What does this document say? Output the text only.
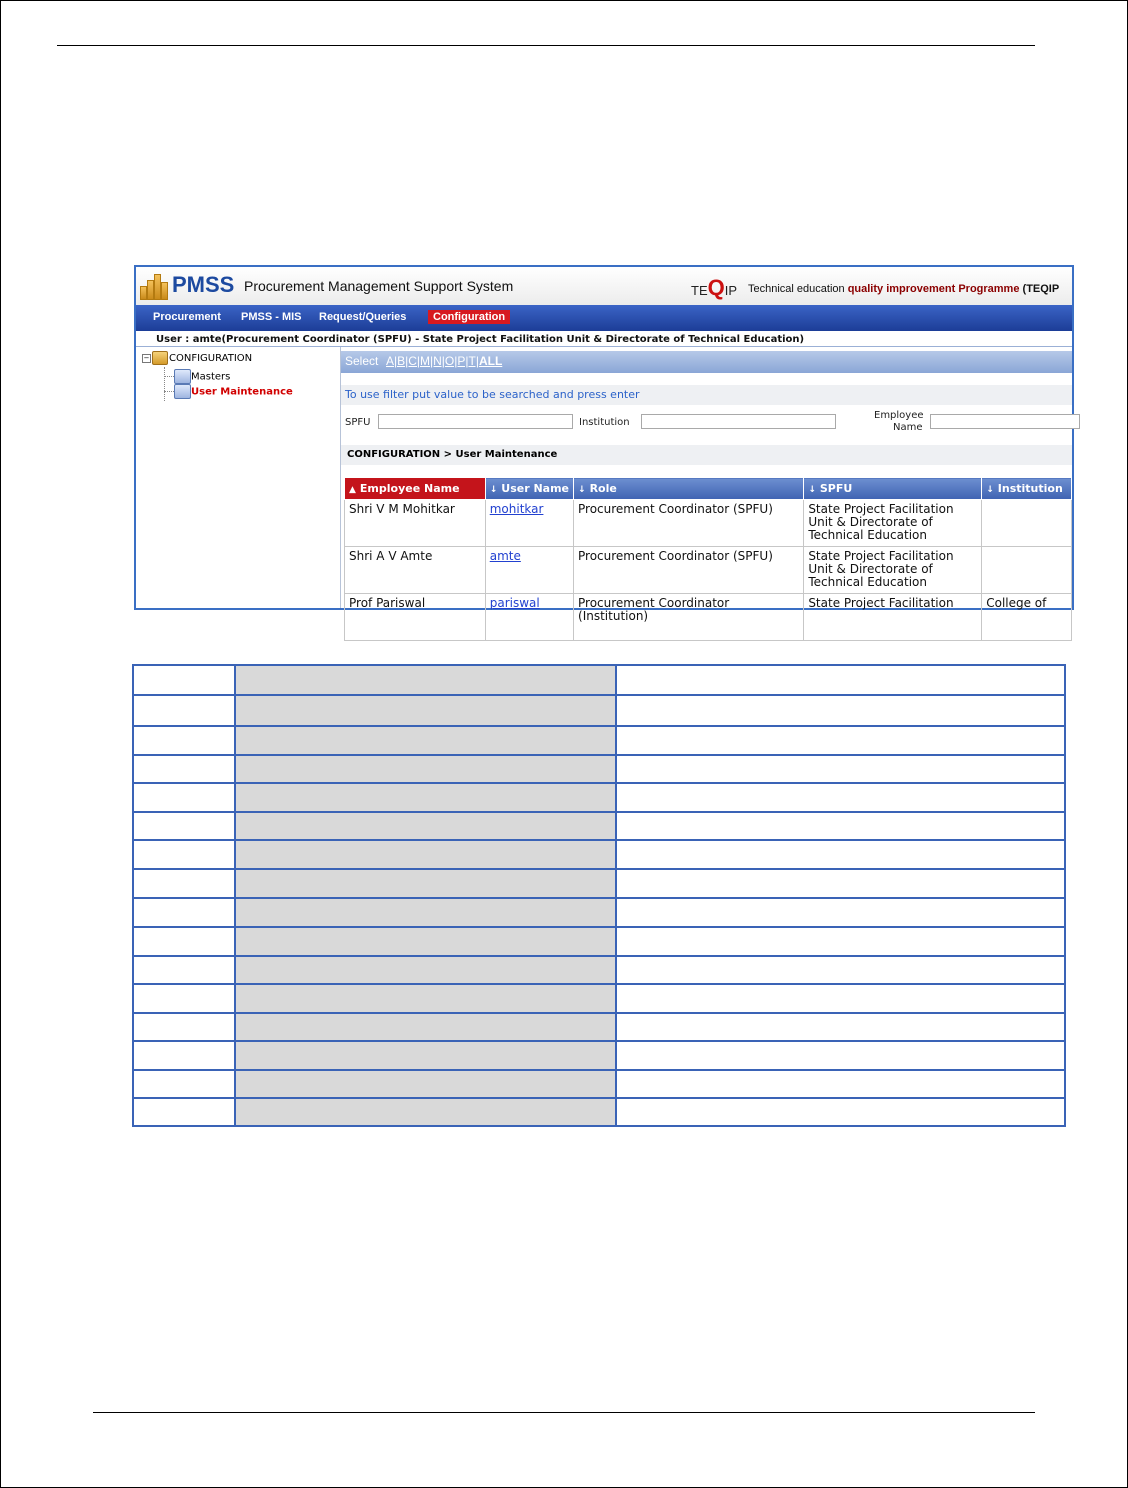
PMSS Procurement Management Support System	TEQIP Technical education quality improvement Programme (TEQIP
Procurement PMSS - MIS Request/Queries	Configuration
User : amte(Procurement Coordinator (SPFU) - State Project Facilitation Unit & Directorate of Technical Education)
− CONFIGURATION
Masters
User Maintenance
Select A|B|C|M|N|O|P|T|ALL
To use filter put value to be searched and press enter
SPFU	Institution
Employee
Name
CONFIGURATION > User Maintenance
▲ Employee Name	↓ User Name	↓ Role	↓ SPFU	↓ Institution
Shri V M Mohitkar	mohitkar	Procurement Coordinator (SPFU)	State Project Facilitation Unit & Directorate of Technical Education	
Shri A V Amte	amte	Procurement Coordinator (SPFU)	State Project Facilitation Unit & Directorate of Technical Education	
Prof Pariswal	pariswal	Procurement Coordinator (Institution)	State Project Facilitation	College of
